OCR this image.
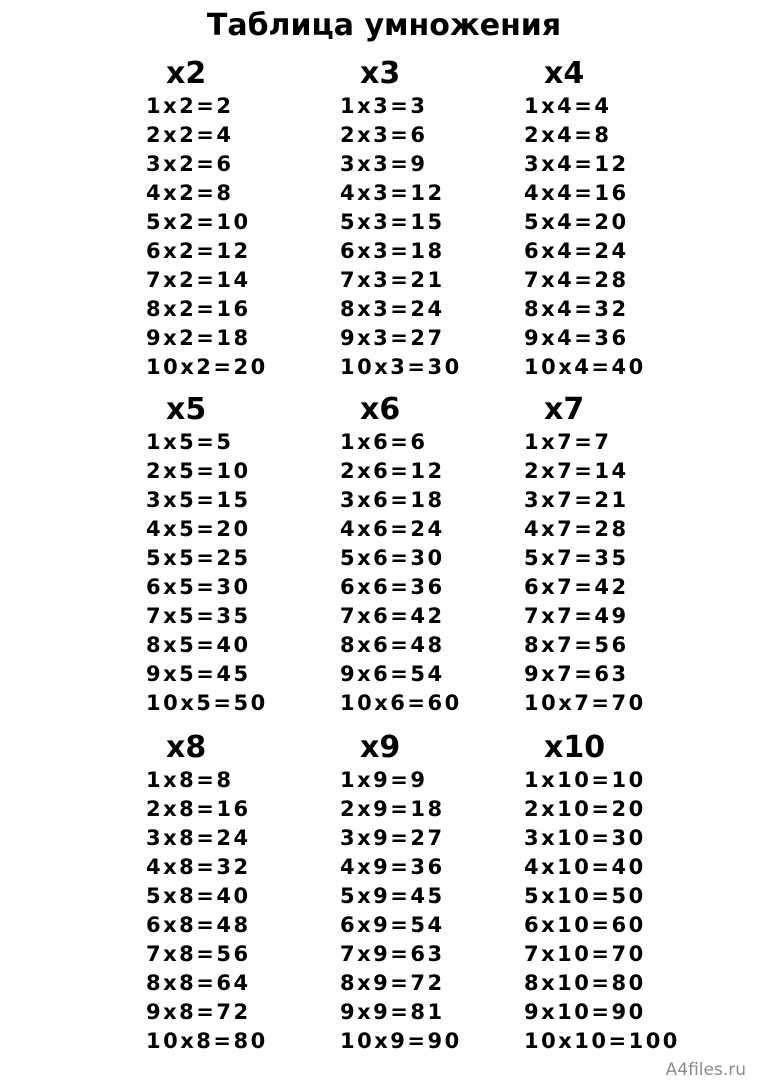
Таблица умножения
x2
1x2=2
2x2=4
3x2=6
4x2=8
5x2=10
6x2=12
7x2=14
8x2=16
9x2=18
10x2=20
x3
1x3=3
2x3=6
3x3=9
4x3=12
5x3=15
6x3=18
7x3=21
8x3=24
9x3=27
10x3=30
x4
1x4=4
2x4=8
3x4=12
4x4=16
5x4=20
6x4=24
7x4=28
8x4=32
9x4=36
10x4=40
x5
1x5=5
2x5=10
3x5=15
4x5=20
5x5=25
6x5=30
7x5=35
8x5=40
9x5=45
10x5=50
x6
1x6=6
2x6=12
3x6=18
4x6=24
5x6=30
6x6=36
7x6=42
8x6=48
9x6=54
10x6=60
x7
1x7=7
2x7=14
3x7=21
4x7=28
5x7=35
6x7=42
7x7=49
8x7=56
9x7=63
10x7=70
x8
1x8=8
2x8=16
3x8=24
4x8=32
5x8=40
6x8=48
7x8=56
8x8=64
9x8=72
10x8=80
x9
1x9=9
2x9=18
3x9=27
4x9=36
5x9=45
6x9=54
7x9=63
8x9=72
9x9=81
10x9=90
x10
1x10=10
2x10=20
3x10=30
4x10=40
5x10=50
6x10=60
7x10=70
8x10=80
9x10=90
10x10=100
A4files.ru
